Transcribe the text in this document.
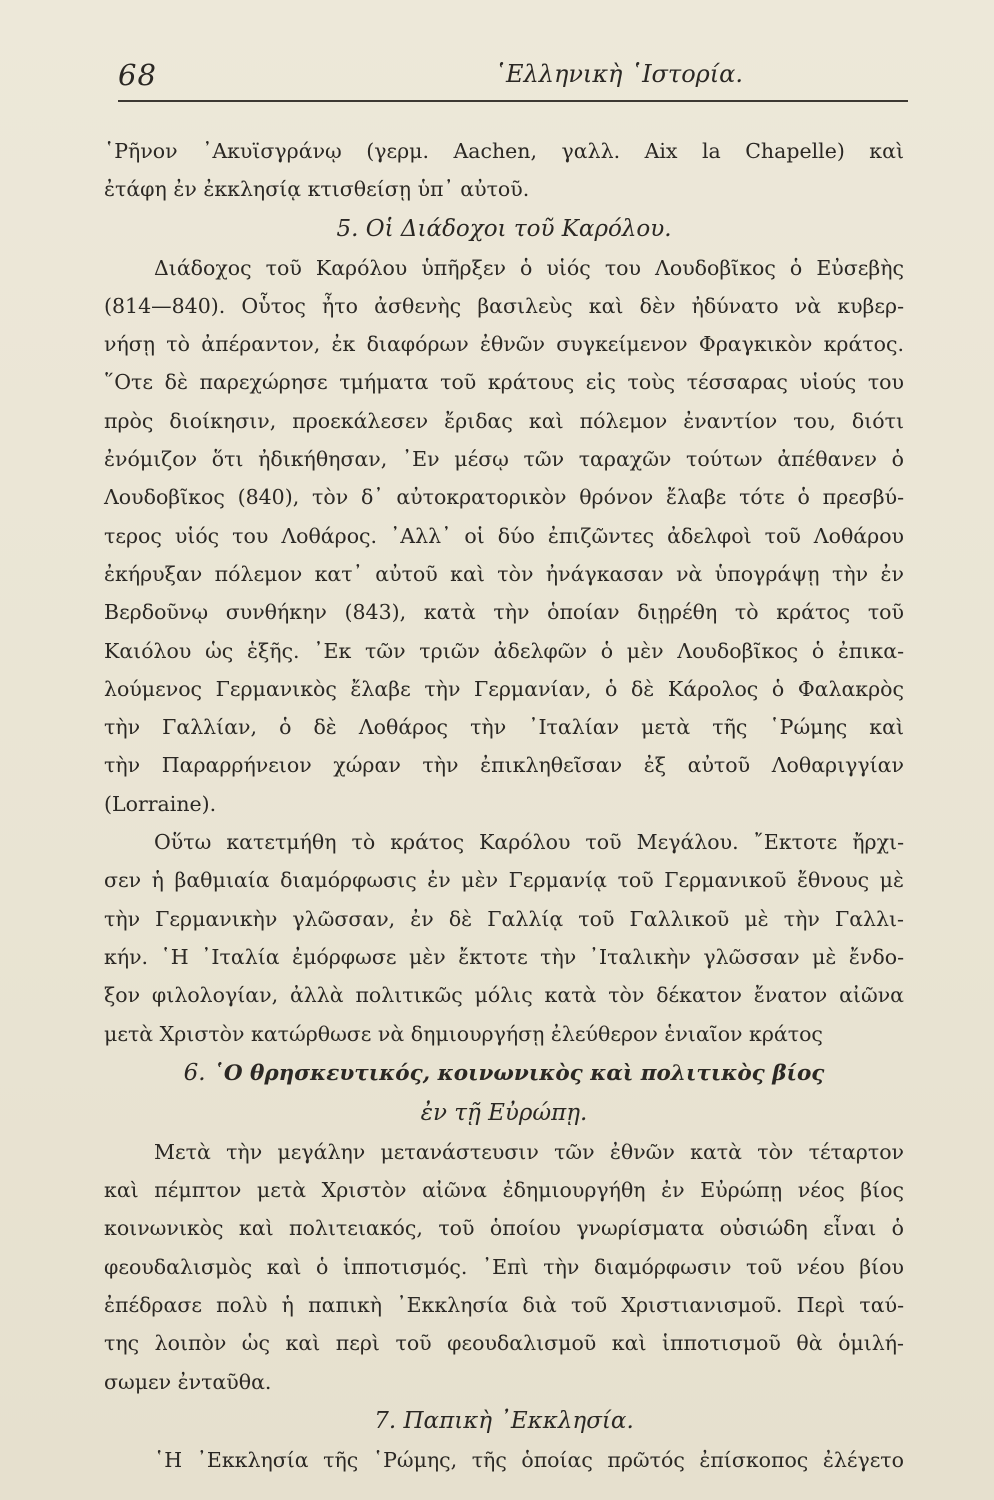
68	῾Ελληνικὴ ῾Ιστορία.
῾Ρῆνον ᾿Ακυϊσγράνῳ (γερμ. Aachen, γαλλ. Aix la Chapelle) καὶ
ἐτάφη ἐν ἐκκλησίᾳ κτισθείσῃ ὑπ᾿ αὐτοῦ.
5. Οἱ Διάδοχοι τοῦ Καρόλου.
Διάδοχος τοῦ Καρόλου ὑπῆρξεν ὁ υἱός του Λουδοβῖκος ὁ Εὐσεβὴς
(814—840). Οὗτος ἦτο ἀσθενὴς βασιλεὺς καὶ δὲν ἠδύνατο νὰ κυβερ-
νήσῃ τὸ ἀπέραντον, ἐκ διαφόρων ἐθνῶν συγκείμενον Φραγκικὸν κράτος.
῞Οτε δὲ παρεχώρησε τμήματα τοῦ κράτους εἰς τοὺς τέσσαρας υἱούς του
πρὸς διοίκησιν, προεκάλεσεν ἔριδας καὶ πόλεμον ἐναντίον του, διότι
ἐνόμιζον ὅτι ἠδικήθησαν, ᾿Εν μέσῳ τῶν ταραχῶν τούτων ἀπέθανεν ὁ
Λουδοβῖκος (840), τὸν δ᾿ αὐτοκρατορικὸν θρόνον ἔλαβε τότε ὁ πρεσβύ-
τερος υἱός του Λοθάρος. ᾿Αλλ᾿ οἱ δύο ἐπιζῶντες ἀδελφοὶ τοῦ Λοθάρου
ἐκήρυξαν πόλεμον κατ᾿ αὐτοῦ καὶ τὸν ἠνάγκασαν νὰ ὑπογράψῃ τὴν ἐν
Βερδοῦνῳ συνθήκην (843), κατὰ τὴν ὁποίαν διῃρέθη τὸ κράτος τοῦ
Καιόλου ὡς ἑξῆς. ᾿Εκ τῶν τριῶν ἀδελφῶν ὁ μὲν Λουδοβῖκος ὁ ἐπικα-
λούμενος Γερμανικὸς ἔλαβε τὴν Γερμανίαν, ὁ δὲ Κάρολος ὁ Φαλακρὸς
τὴν Γαλλίαν, ὁ δὲ Λοθάρος τὴν ᾿Ιταλίαν μετὰ τῆς ῾Ρώμης καὶ
τὴν Παραρρήνειον χώραν τὴν ἐπικληθεῖσαν ἐξ αὐτοῦ Λοθαριγγίαν
(Lorraine).
Οὕτω κατετμήθη τὸ κράτος Καρόλου τοῦ Μεγάλου. ῎Εκτοτε ἤρχι-
σεν ἡ βαθμιαία διαμόρφωσις ἐν μὲν Γερμανίᾳ τοῦ Γερμανικοῦ ἔθνους μὲ
τὴν Γερμανικὴν γλῶσσαν, ἐν δὲ Γαλλίᾳ τοῦ Γαλλικοῦ μὲ τὴν Γαλλι-
κήν. ῾Η ᾿Ιταλία ἐμόρφωσε μὲν ἔκτοτε τὴν ᾿Ιταλικὴν γλῶσσαν μὲ ἔνδο-
ξον φιλολογίαν, ἀλλὰ πολιτικῶς μόλις κατὰ τὸν δέκατον ἔνατον αἰῶνα
μετὰ Χριστὸν κατώρθωσε νὰ δημιουργήσῃ ἐλεύθερον ἑνιαῖον κράτος
6. ῾Ο θρησκευτικός, κοινωνικὸς καὶ πολιτικὸς βίος
ἐν τῇ Εὐρώπῃ.
Μετὰ τὴν μεγάλην μετανάστευσιν τῶν ἐθνῶν κατὰ τὸν τέταρτον
καὶ πέμπτον μετὰ Χριστὸν αἰῶνα ἐδημιουργήθη ἐν Εὐρώπῃ νέος βίος
κοινωνικὸς καὶ πολιτειακός, τοῦ ὁποίου γνωρίσματα οὐσιώδη εἶναι ὁ
φεουδαλισμὸς καὶ ὁ ἱπποτισμός. ᾿Επὶ τὴν διαμόρφωσιν τοῦ νέου βίου
ἐπέδρασε πολὺ ἡ παπικὴ ᾿Εκκλησία διὰ τοῦ Χριστιανισμοῦ. Περὶ ταύ-
της λοιπὸν ὡς καὶ περὶ τοῦ φεουδαλισμοῦ καὶ ἱπποτισμοῦ θὰ ὁμιλή-
σωμεν ἐνταῦθα.
7. Παπικὴ ᾿Εκκλησία.
῾Η ᾿Εκκλησία τῆς ῾Ρώμης, τῆς ὁποίας πρῶτός ἐπίσκοπος ἐλέγετο
